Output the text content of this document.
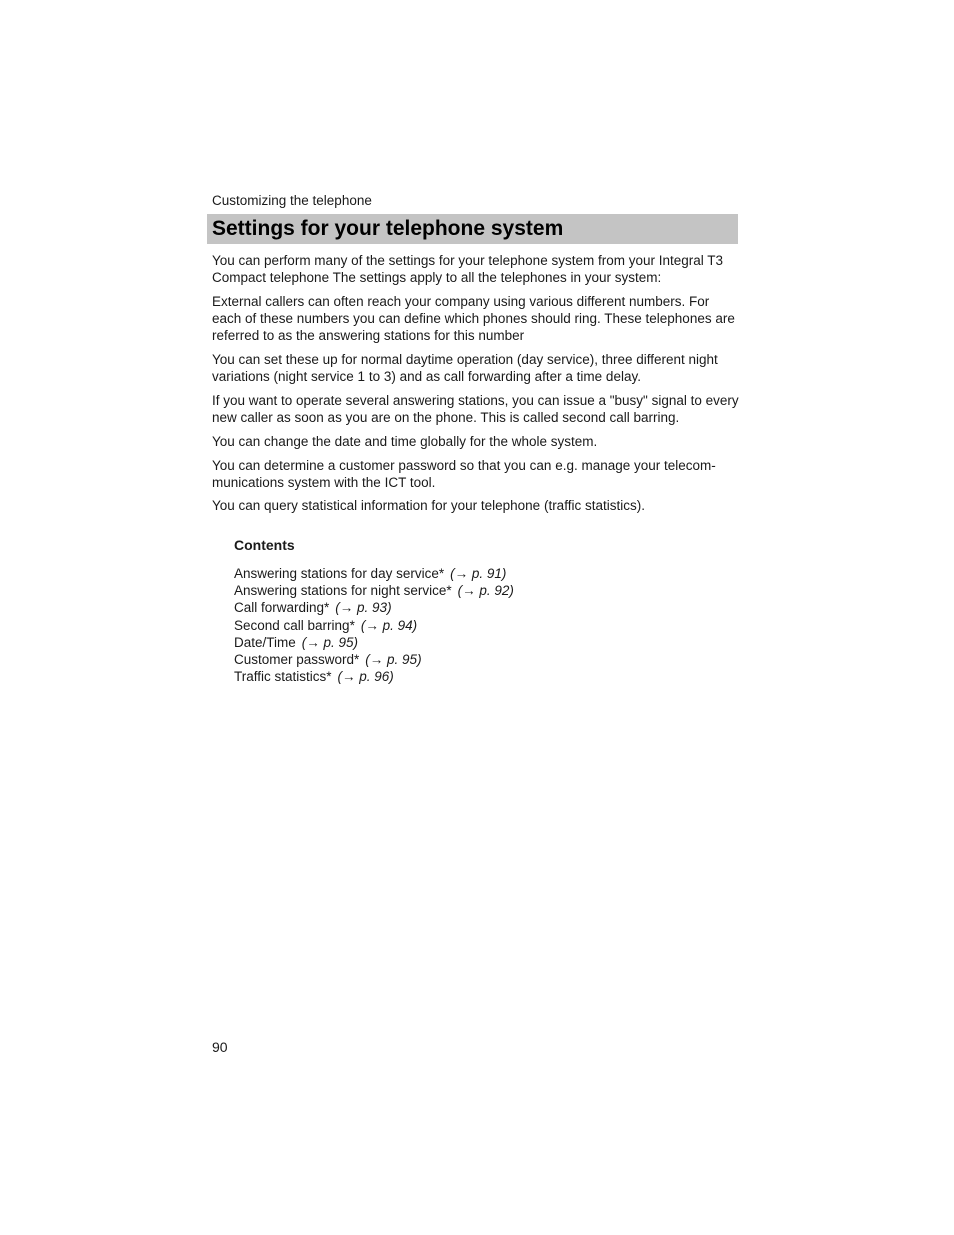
Customizing the telephone
Settings for your telephone system

You can perform many of the settings for your telephone system from your Integral T3 Compact telephone The settings apply to all the telephones in your system:

External callers can often reach your company using various different numbers. For each of these numbers you can define which phones should ring. These telephones are referred to as the answering stations for this number

You can set these up for normal daytime operation (day service), three different night variations (night service 1 to 3) and as call forwarding after a time delay.

If you want to operate several answering stations, you can issue a "busy" signal to every new caller as soon as you are on the phone. This is called second call barring.

You can change the date and time globally for the whole system.

You can determine a customer password so that you can e.g. manage your telecom-munications system with the ICT tool.

You can query statistical information for your telephone (traffic statistics).

Contents
Answering stations for day service* (→ p. 91)
Answering stations for night service* (→ p. 92)
Call forwarding* (→ p. 93)
Second call barring* (→ p. 94)
Date/Time (→ p. 95)
Customer password* (→ p. 95)
Traffic statistics* (→ p. 96)
90
